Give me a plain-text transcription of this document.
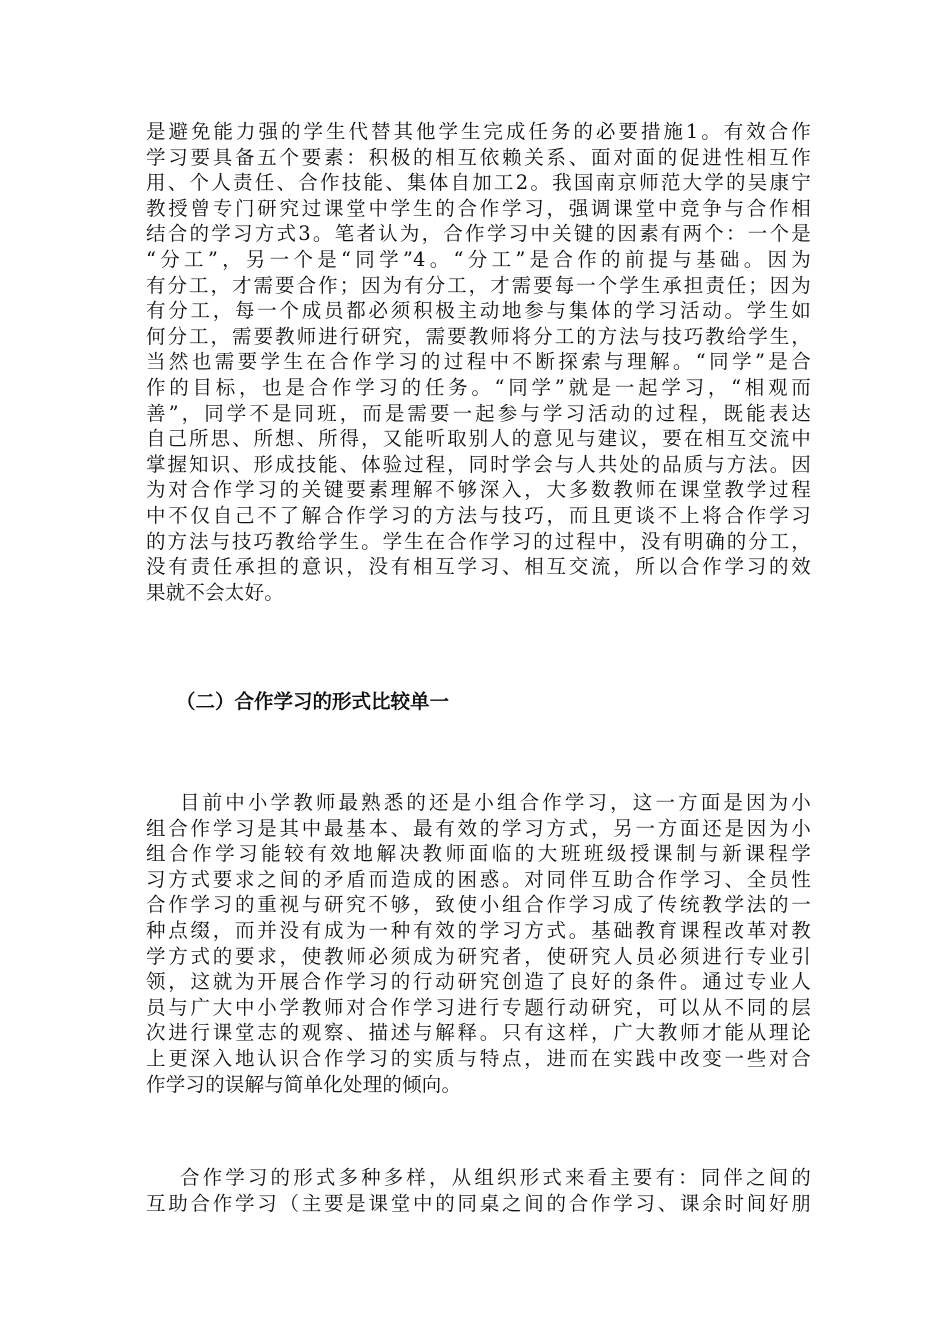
是避免能力强的学生代替其他学生完成任务的必要措施1。有效合作
学习要具备五个要素：积极的相互依赖关系、面对面的促进性相互作
用、个人责任、合作技能、集体自加工2。我国南京师范大学的吴康宁
教授曾专门研究过课堂中学生的合作学习，强调课堂中竞争与合作相
结合的学习方式3。笔者认为，合作学习中关键的因素有两个：一个是
“分工”，另一个是“同学”4。“分工”是合作的前提与基础。因为
有分工，才需要合作；因为有分工，才需要每一个学生承担责任；因为
有分工，每一个成员都必须积极主动地参与集体的学习活动。学生如
何分工，需要教师进行研究，需要教师将分工的方法与技巧教给学生，
当然也需要学生在合作学习的过程中不断探索与理解。“同学”是合
作的目标，也是合作学习的任务。“同学”就是一起学习，“相观而
善”，同学不是同班，而是需要一起参与学习活动的过程，既能表达
自己所思、所想、所得，又能听取别人的意见与建议，要在相互交流中
掌握知识、形成技能、体验过程，同时学会与人共处的品质与方法。因
为对合作学习的关键要素理解不够深入，大多数教师在课堂教学过程
中不仅自己不了解合作学习的方法与技巧，而且更谈不上将合作学习
的方法与技巧教给学生。学生在合作学习的过程中，没有明确的分工，
没有责任承担的意识，没有相互学习、相互交流，所以合作学习的效
果就不会太好。
（二）合作学习的形式比较单一
目前中小学教师最熟悉的还是小组合作学习，这一方面是因为小
组合作学习是其中最基本、最有效的学习方式，另一方面还是因为小
组合作学习能较有效地解决教师面临的大班班级授课制与新课程学
习方式要求之间的矛盾而造成的困惑。对同伴互助合作学习、全员性
合作学习的重视与研究不够，致使小组合作学习成了传统教学法的一
种点缀，而并没有成为一种有效的学习方式。基础教育课程改革对教
学方式的要求，使教师必须成为研究者，使研究人员必须进行专业引
领，这就为开展合作学习的行动研究创造了良好的条件。通过专业人
员与广大中小学教师对合作学习进行专题行动研究，可以从不同的层
次进行课堂志的观察、描述与解释。只有这样，广大教师才能从理论
上更深入地认识合作学习的实质与特点，进而在实践中改变一些对合
作学习的误解与简单化处理的倾向。
合作学习的形式多种多样，从组织形式来看主要有：同伴之间的
互助合作学习（主要是课堂中的同桌之间的合作学习、课余时间好朋
